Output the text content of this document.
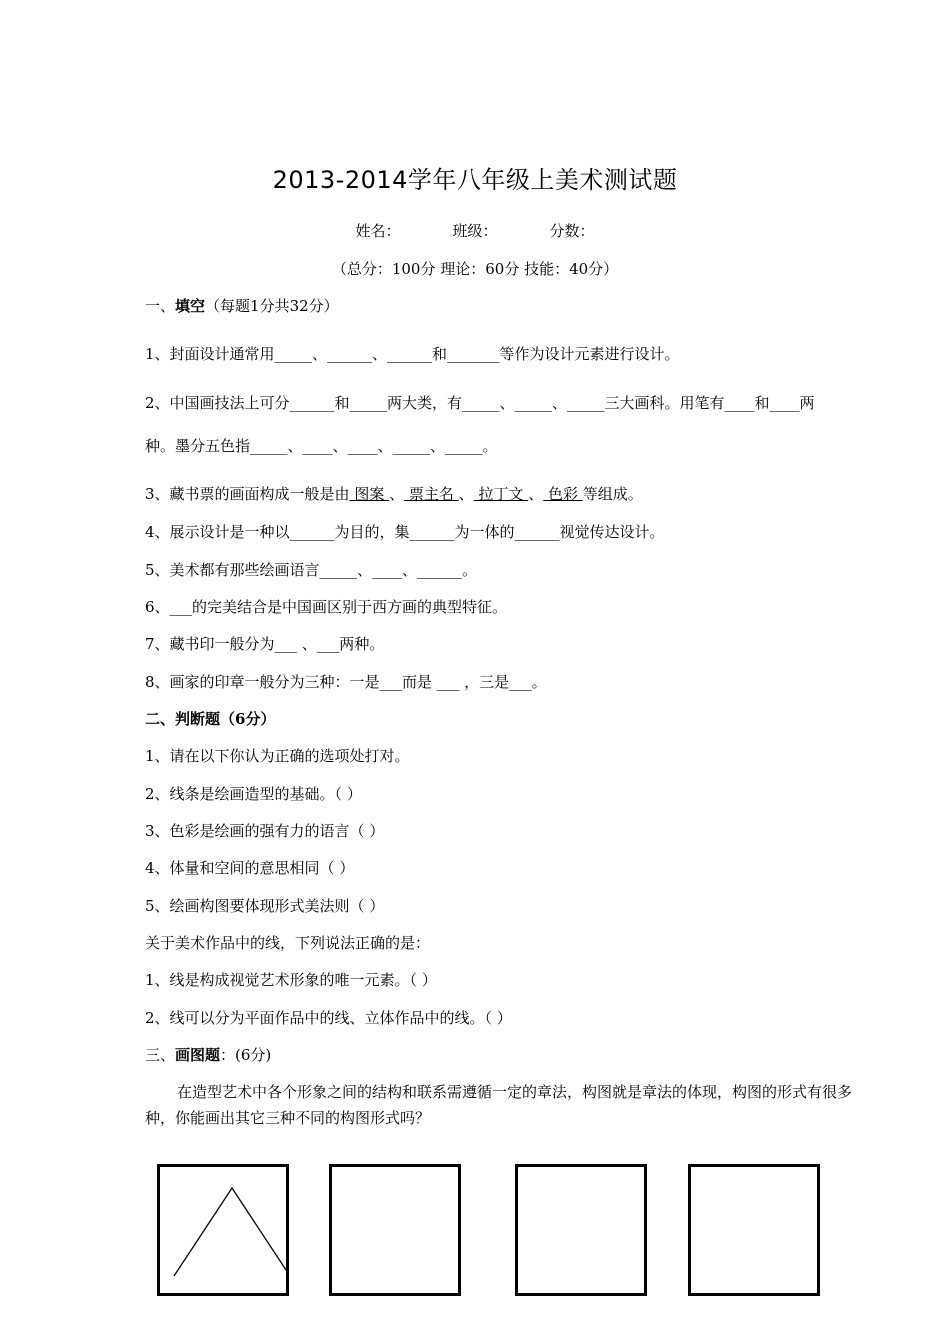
2013-2014学年八年级上美术测试题
姓名：	班级：	分数：
（总分：100分 理论：60分 技能：40分）
一、填空（每题1分共32分）
1、封面设计通常用_____、______、______和_______等作为设计元素进行设计。
2、中国画技法上可分______和_____两大类，有_____、_____、_____三大画科。用笔有____和____两
种。墨分五色指_____、____、____、_____、_____。
3、藏书票的画面构成一般是由 图案 、 票主名 、 拉丁文 、 色彩 等组成。
4、展示设计是一种以______为目的，集______为一体的______视觉传达设计。
5、美术都有那些绘画语言_____、____、______。
6、___的完美结合是中国画区别于西方画的典型特征。
7、藏书印一般分为___ 、___两种。
8、画家的印章一般分为三种：一是___而是 ___ ，三是___。
二、判断题（6分）
1、请在以下你认为正确的选项处打对。
2、线条是绘画造型的基础。（ ）
3、色彩是绘画的强有力的语言（ ）
4、体量和空间的意思相同（ ）
5、绘画构图要体现形式美法则（ ）
关于美术作品中的线，下列说法正确的是：
1、线是构成视觉艺术形象的唯一元素。（ ）
2、线可以分为平面作品中的线、立体作品中的线。（ ）
三、画图题：(6分)
在造型艺术中各个形象之间的结构和联系需遵循一定的章法，构图就是章法的体现，构图的形式有很多种，你能画出其它三种不同的构图形式吗？
